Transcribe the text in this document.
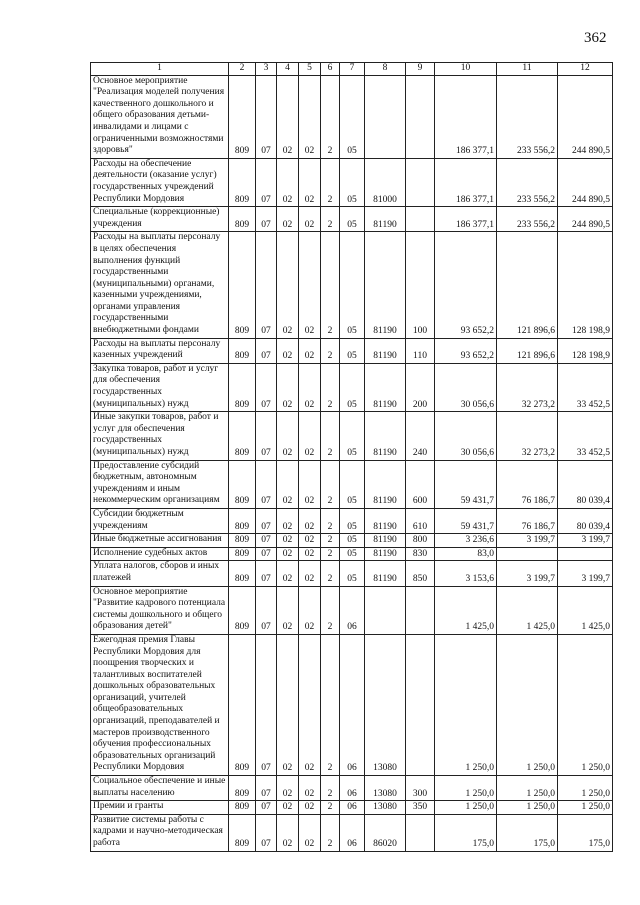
362
1	2	3	4	5	6	7	8	9	10	11	12
Основное мероприятие "Реализация моделей получения качественного дошкольного и общего образования детьми-инвалидами и лицами с ограниченными возможностями здоровья"	809	07	02	02	2	05			186 377,1	233 556,2	244 890,5
Расходы на обеспечение деятельности (оказание услуг) государственных учреждений Республики Мордовия	809	07	02	02	2	05	81000		186 377,1	233 556,2	244 890,5
Специальные (коррекционные) учреждения	809	07	02	02	2	05	81190		186 377,1	233 556,2	244 890,5
Расходы на выплаты персоналу в целях обеспечения выполнения функций государственными (муниципальными) органами, казенными учреждениями, органами управления государственными внебюджетными фондами	809	07	02	02	2	05	81190	100	93 652,2	121 896,6	128 198,9
Расходы на выплаты персоналу казенных учреждений	809	07	02	02	2	05	81190	110	93 652,2	121 896,6	128 198,9
Закупка товаров, работ и услуг для обеспечения государственных (муниципальных) нужд	809	07	02	02	2	05	81190	200	30 056,6	32 273,2	33 452,5
Иные закупки товаров, работ и услуг для обеспечения государственных (муниципальных) нужд	809	07	02	02	2	05	81190	240	30 056,6	32 273,2	33 452,5
Предоставление субсидий бюджетным, автономным учреждениям и иным некоммерческим организациям	809	07	02	02	2	05	81190	600	59 431,7	76 186,7	80 039,4
Субсидии бюджетным учреждениям	809	07	02	02	2	05	81190	610	59 431,7	76 186,7	80 039,4
Иные бюджетные ассигнования	809	07	02	02	2	05	81190	800	3 236,6	3 199,7	3 199,7
Исполнение судебных актов	809	07	02	02	2	05	81190	830	83,0		
Уплата налогов, сборов и иных платежей	809	07	02	02	2	05	81190	850	3 153,6	3 199,7	3 199,7
Основное мероприятие "Развитие кадрового потенциала системы дошкольного и общего образования детей"	809	07	02	02	2	06			1 425,0	1 425,0	1 425,0
Ежегодная премия Главы Республики Мордовия для поощрения творческих и талантливых воспитателей дошкольных образовательных организаций, учителей общеобразовательных организаций, преподавателей и мастеров производственного обучения профессиональных образовательных организаций Республики Мордовия	809	07	02	02	2	06	13080		1 250,0	1 250,0	1 250,0
Социальное обеспечение и иные выплаты населению	809	07	02	02	2	06	13080	300	1 250,0	1 250,0	1 250,0
Премии и гранты	809	07	02	02	2	06	13080	350	1 250,0	1 250,0	1 250,0
Развитие системы работы с кадрами и научно-методическая работа	809	07	02	02	2	06	86020		175,0	175,0	175,0
